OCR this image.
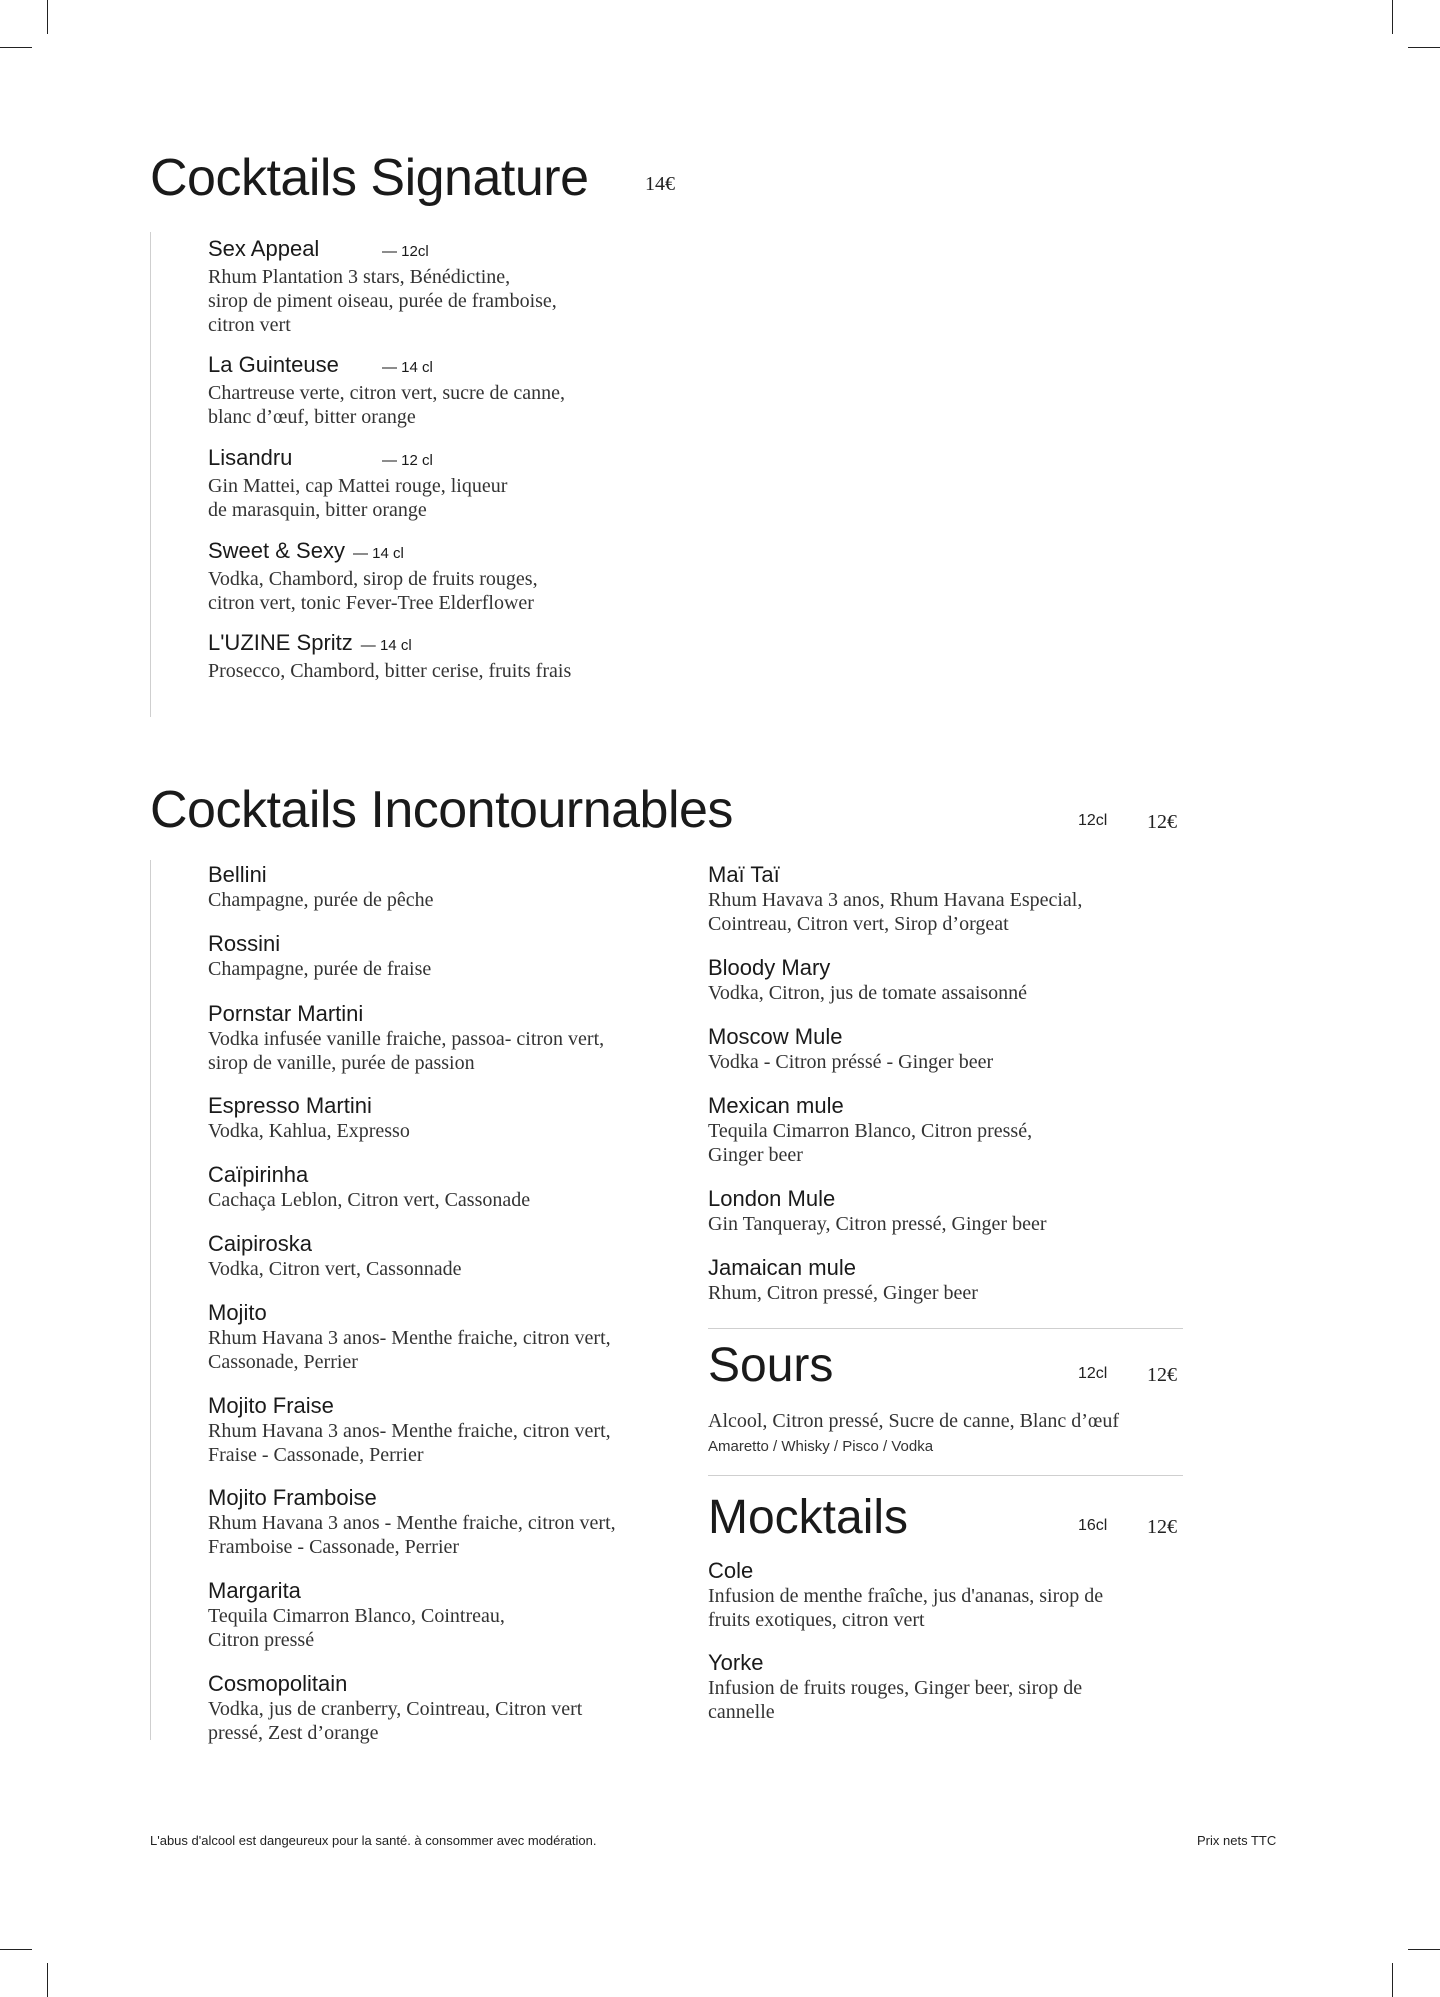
Cocktails Signature	14€
Sex Appeal	— 12cl
Rhum Plantation 3 stars, Bénédictine,
sirop de piment oiseau, purée de framboise,
citron vert
La Guinteuse	— 14 cl
Chartreuse verte, citron vert, sucre de canne,
blanc d’œuf, bitter orange
Lisandru	— 12 cl
Gin Mattei, cap Mattei rouge, liqueur
de marasquin, bitter orange
Sweet & Sexy — 14 cl
Vodka, Chambord, sirop de fruits rouges,
citron vert, tonic Fever-Tree Elderflower
L'UZINE Spritz — 14 cl
Prosecco, Chambord, bitter cerise, fruits frais
Cocktails Incontournables	12cl 12€
Bellini
Champagne, purée de pêche
Rossini
Champagne, purée de fraise
Pornstar Martini
Vodka infusée vanille fraiche, passoa- citron vert,
sirop de vanille, purée de passion
Espresso Martini
Vodka, Kahlua, Expresso
Caïpirinha
Cachaça Leblon, Citron vert, Cassonade
Caipiroska
Vodka, Citron vert, Cassonnade
Mojito
Rhum Havana 3 anos- Menthe fraiche, citron vert,
Cassonade, Perrier
Mojito Fraise
Rhum Havana 3 anos- Menthe fraiche, citron vert,
Fraise - Cassonade, Perrier
Mojito Framboise
Rhum Havana 3 anos - Menthe fraiche, citron vert,
Framboise - Cassonade, Perrier
Margarita
Tequila Cimarron Blanco, Cointreau,
Citron pressé
Cosmopolitain
Vodka, jus de cranberry, Cointreau, Citron vert
pressé, Zest d’orange
Maï Taï
Rhum Havava 3 anos, Rhum Havana Especial,
Cointreau, Citron vert, Sirop d’orgeat
Bloody Mary
Vodka, Citron, jus de tomate assaisonné
Moscow Mule
Vodka - Citron préssé - Ginger beer
Mexican mule
Tequila Cimarron Blanco, Citron pressé,
Ginger beer
London Mule
Gin Tanqueray, Citron pressé, Ginger beer
Jamaican mule
Rhum, Citron pressé, Ginger beer
Sours	12cl 12€
Alcool, Citron pressé, Sucre de canne, Blanc d’œuf
Amaretto / Whisky / Pisco / Vodka
Mocktails	16cl 12€
Cole
Infusion de menthe fraîche, jus d'ananas, sirop de
fruits exotiques, citron vert
Yorke
Infusion de fruits rouges, Ginger beer, sirop de
cannelle
L'abus d'alcool est dangeureux pour la santé. à consommer avec modération.	Prix nets TTC
